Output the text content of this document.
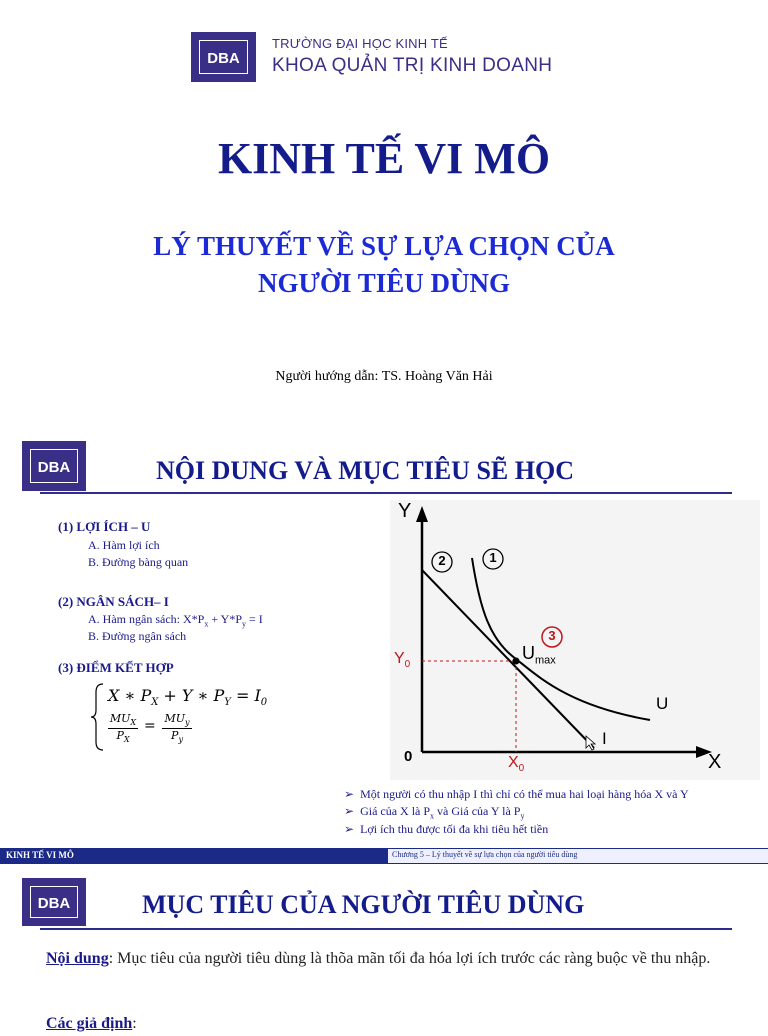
DBA
TRƯỜNG ĐẠI HỌC KINH TẾ
KHOA QUẢN TRỊ KINH DOANH
KINH TẾ VI MÔ
LÝ THUYẾT VỀ SỰ LỰA CHỌN CỦA
NGƯỜI TIÊU DÙNG
Người hướng dẫn: TS. Hoàng Văn Hải
DBA	NỘI DUNG VÀ MỤC TIÊU SẼ HỌC
(1) LỢI ÍCH – U
A. Hàm lợi ích
B. Đường bàng quan
(2) NGÂN SÁCH– I
A. Hàm ngân sách: $X*P_x + Y*P_y = I$
B. Đường ngân sách
(3) ĐIỂM KẾT HỢP
X ∗ $P_X + Y$ ∗ $P_Y = I_0$
$MU_X$
$P_X$
= $MU_y$
$P_y$
Y
X
0
$Y_0$
$X_0$
2	1
3
$U_{max}$
U
I
➢  Một người có thu nhập I thì chỉ có thể mua hai loại hàng hóa X và Y
➢  Giá của X là $P_x$ và Giá của Y là $P_y$
➢  Lợi ích thu được tối đa khi tiêu hết tiền
KINH TẾ VI MÔ	Chương 5 – Lý thuyết về sự lựa chọn của người tiêu dùng
DBA	MỤC TIÊU CỦA NGƯỜI TIÊU DÙNG
Nội dung: Mục tiêu của người tiêu dùng là thõa mãn tối đa hóa lợi ích trước các ràng buộc về thu nhập.
Các giả định:
